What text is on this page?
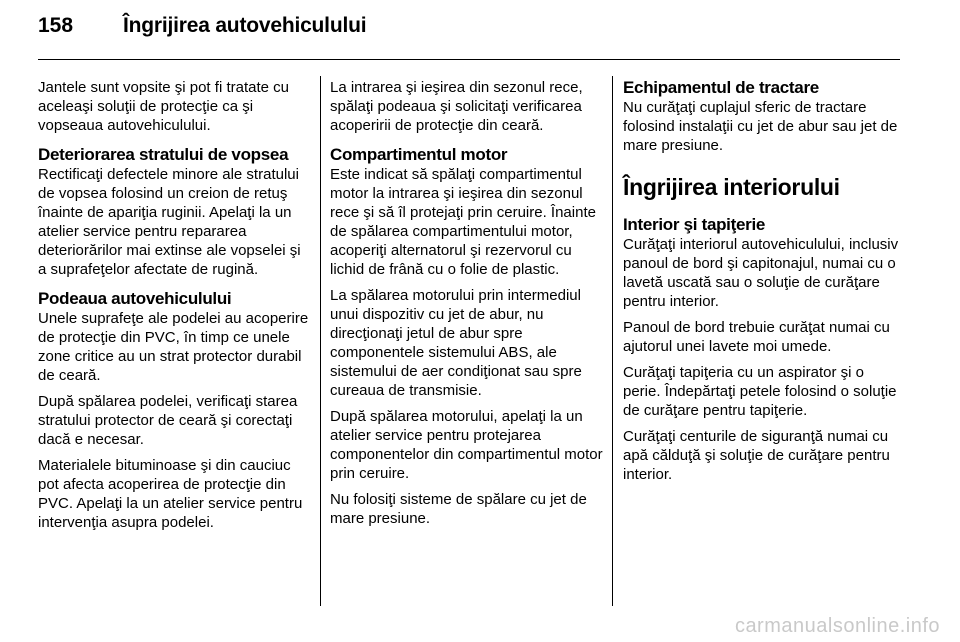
158	Îngrijirea autovehiculului

Jantele sunt vopsite şi pot fi tratate cu aceleaşi soluţii de protecţie ca şi vopseaua autovehiculului.

Deteriorarea stratului de vopsea

Rectificaţi defectele minore ale stratului de vopsea folosind un creion de retuş înainte de apariţia ruginii. Apelaţi la un atelier service pentru repararea deteriorărilor mai extinse ale vopselei şi a suprafeţelor afectate de rugină.

Podeaua autovehiculului

Unele suprafeţe ale podelei au acoperire de protecţie din PVC, în timp ce unele zone critice au un strat protector durabil de ceară.

După spălarea podelei, verificaţi starea stratului protector de ceară şi corectaţi dacă e necesar.

Materialele bituminoase şi din cauciuc pot afecta acoperirea de protecţie din PVC. Apelaţi la un atelier service pentru intervenţia asupra podelei.

La intrarea şi ieşirea din sezonul rece, spălaţi podeaua şi solicitaţi verificarea acoperirii de protecţie din ceară.

Compartimentul motor

Este indicat să spălaţi compartimentul motor la intrarea şi ieşirea din sezonul rece şi să îl protejaţi prin ceruire. Înainte de spălarea compartimentului motor, acoperiţi alternatorul şi rezervorul cu lichid de frână cu o folie de plastic.

La spălarea motorului prin intermediul unui dispozitiv cu jet de abur, nu direcţionaţi jetul de abur spre componentele sistemului ABS, ale sistemului de aer condiţionat sau spre cureaua de transmisie.

După spălarea motorului, apelaţi la un atelier service pentru protejarea componentelor din compartimentul motor prin ceruire.

Nu folosiţi sisteme de spălare cu jet de mare presiune.

Echipamentul de tractare

Nu curăţaţi cuplajul sferic de tractare folosind instalaţii cu jet de abur sau jet de mare presiune.

Îngrijirea interiorului
Interior şi tapiţerie

Curăţaţi interiorul autovehiculului, inclusiv panoul de bord şi capitonajul, numai cu o lavetă uscată sau o soluţie de curăţare pentru interior.

Panoul de bord trebuie curăţat numai cu ajutorul unei lavete moi umede.

Curăţaţi tapiţeria cu un aspirator şi o perie. Îndepărtaţi petele folosind o soluţie de curăţare pentru tapiţerie.

Curăţaţi centurile de siguranţă numai cu apă călduţă şi soluţie de curăţare pentru interior.

carmanualsonline.info
